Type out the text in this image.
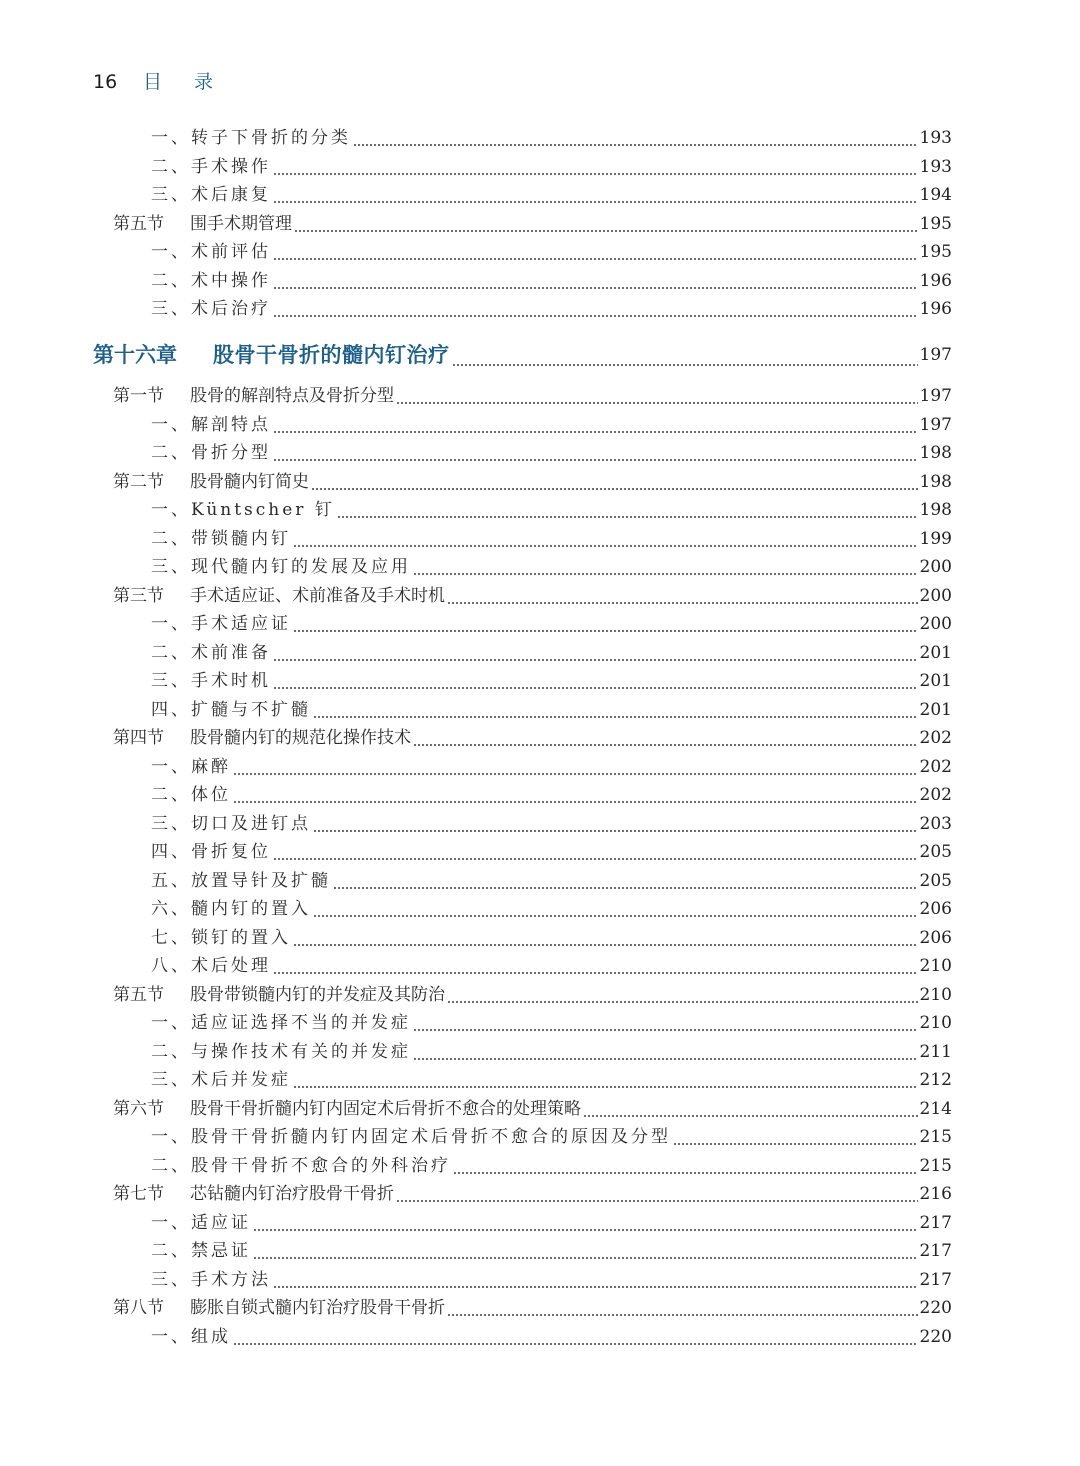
16	目录
一、转子下骨折的分类	193
二、手术操作	193
三、术后康复	194
第五节	围手术期管理	195
一、术前评估	195
二、术中操作	196
三、术后治疗	196
第十六章	股骨干骨折的髓内钉治疗	197
第一节	股骨的解剖特点及骨折分型	197
一、解剖特点	197
二、骨折分型	198
第二节	股骨髓内钉简史	198
一、Küntscher 钉	198
二、带锁髓内钉	199
三、现代髓内钉的发展及应用	200
第三节	手术适应证、术前准备及手术时机	200
一、手术适应证	200
二、术前准备	201
三、手术时机	201
四、扩髓与不扩髓	201
第四节	股骨髓内钉的规范化操作技术	202
一、麻醉	202
二、体位	202
三、切口及进钉点	203
四、骨折复位	205
五、放置导针及扩髓	205
六、髓内钉的置入	206
七、锁钉的置入	206
八、术后处理	210
第五节	股骨带锁髓内钉的并发症及其防治	210
一、适应证选择不当的并发症	210
二、与操作技术有关的并发症	211
三、术后并发症	212
第六节	股骨干骨折髓内钉内固定术后骨折不愈合的处理策略	214
一、股骨干骨折髓内钉内固定术后骨折不愈合的原因及分型	215
二、股骨干骨折不愈合的外科治疗	215
第七节	芯钻髓内钉治疗股骨干骨折	216
一、适应证	217
二、禁忌证	217
三、手术方法	217
第八节	膨胀自锁式髓内钉治疗股骨干骨折	220
一、组成	220
